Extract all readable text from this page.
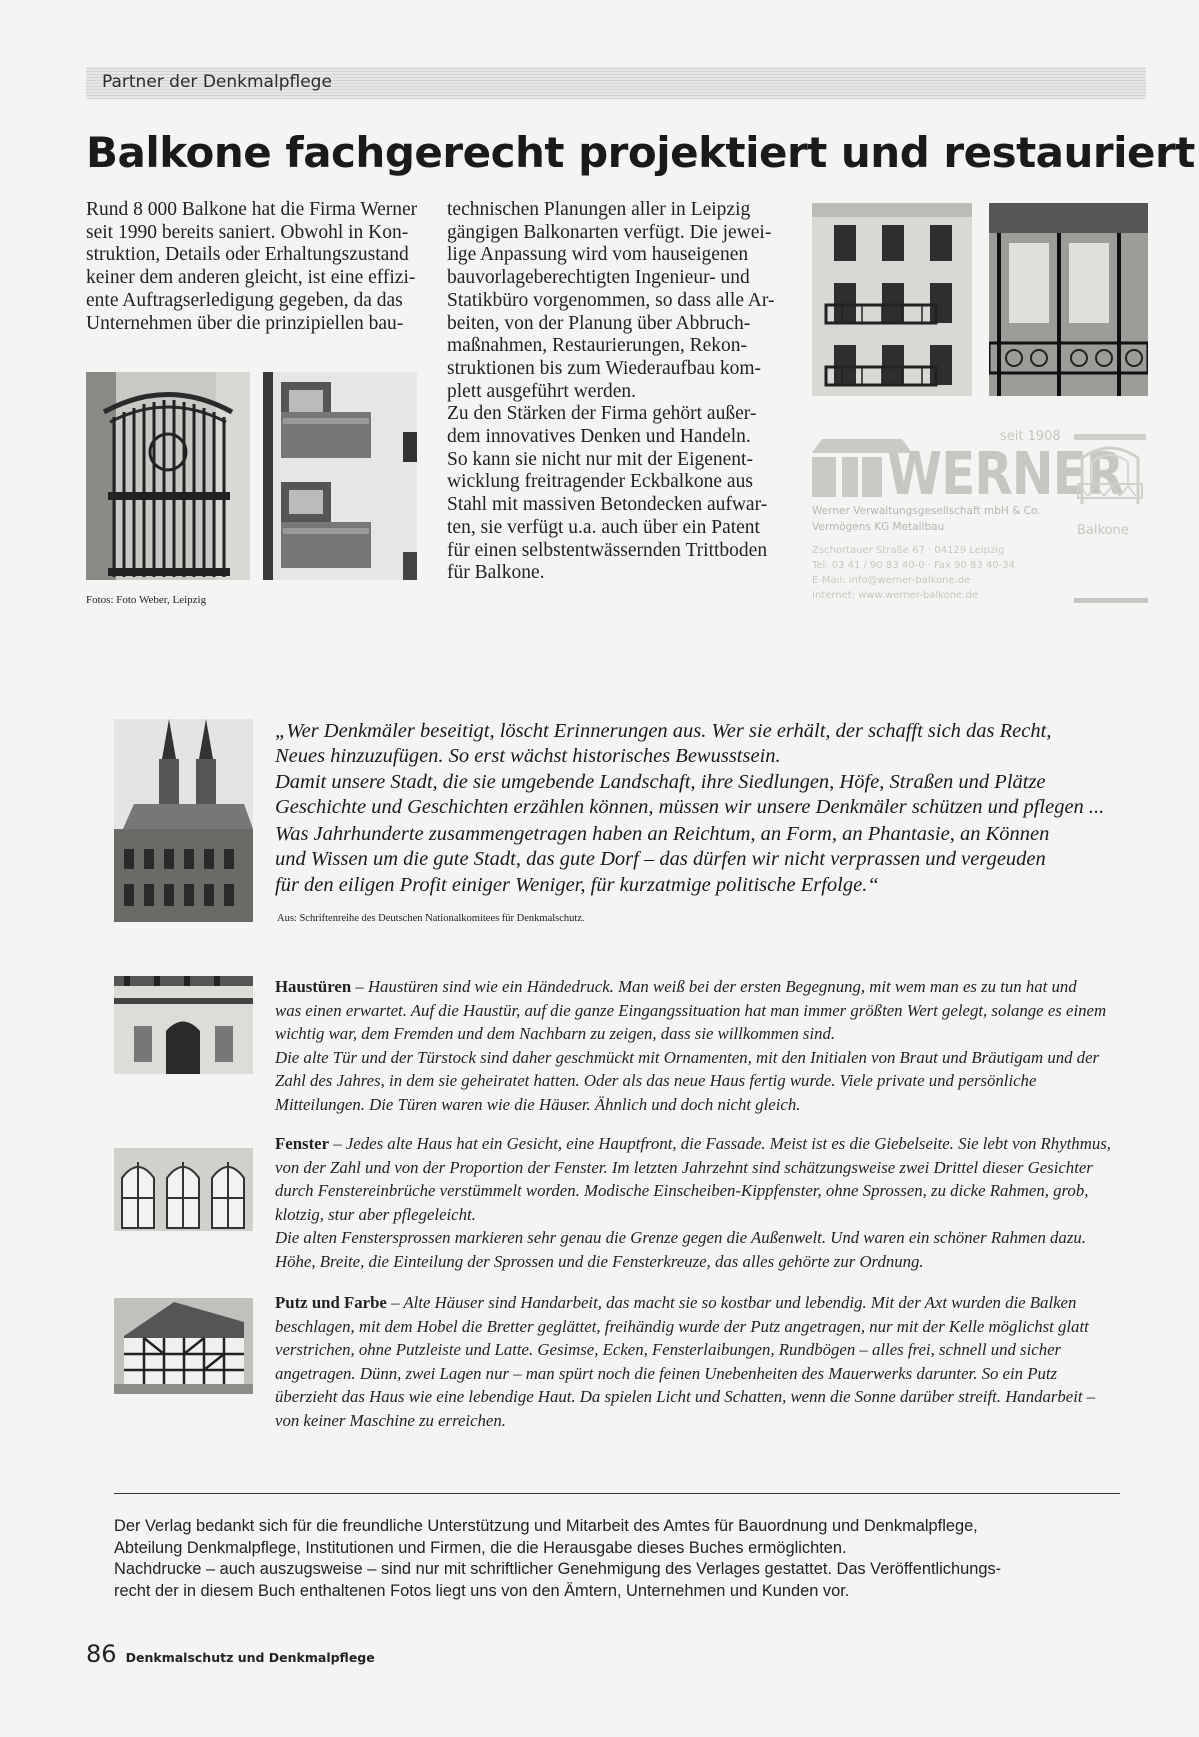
Partner der Denkmalpflege
Balkone fachgerecht projektiert und restauriert
Rund 8 000 Balkone hat die Firma Werner
seit 1990 bereits saniert. Obwohl in Kon-
struktion, Details oder Erhaltungszustand
keiner dem anderen gleicht, ist eine effizi-
ente Auftragserledigung gegeben, da das
Unternehmen über die prinzipiellen bau-
Fotos: Foto Weber, Leipzig
technischen Planungen aller in Leipzig
gängigen Balkonarten verfügt. Die jewei-
lige Anpassung wird vom hauseigenen
bauvorlageberechtigten Ingenieur- und
Statikbüro vorgenommen, so dass alle Ar-
beiten, von der Planung über Abbruch-
maßnahmen, Restaurierungen, Rekon-
struktionen bis zum Wiederaufbau kom-
plett ausgeführt werden.
Zu den Stärken der Firma gehört außer-
dem innovatives Denken und Handeln.
So kann sie nicht nur mit der Eigenent-
wicklung freitragender Eckbalkone aus
Stahl mit massiven Betondecken aufwar-
ten, sie verfügt u.a. auch über ein Patent
für einen selbstentwässernden Trittboden
für Balkone.
seit 1908
WERNER
Werner Verwaltungsgesellschaft mbH & Co.
Vermögens KG Metallbau
Zschortauer Straße 67 · 04129 Leipzig
Tel. 03 41 / 90 83 40-0 · Fax 90 83 40-34
E-Mail: info@werner-balkone.de
Internet: www.werner-balkone.de
Balkone
„Wer Denkmäler beseitigt, löscht Erinnerungen aus. Wer sie erhält, der schafft sich das Recht,
Neues hinzuzufügen. So erst wächst historisches Bewusstsein.
Damit unsere Stadt, die sie umgebende Landschaft, ihre Siedlungen, Höfe, Straßen und Plätze
Geschichte und Geschichten erzählen können, müssen wir unsere Denkmäler schützen und pflegen ...
Was Jahrhunderte zusammengetragen haben an Reichtum, an Form, an Phantasie, an Können
und Wissen um die gute Stadt, das gute Dorf – das dürfen wir nicht verprassen und vergeuden
für den eiligen Profit einiger Weniger, für kurzatmige politische Erfolge.“
Aus: Schriftenreihe des Deutschen Nationalkomitees für Denkmalschutz.
Haustüren – Haustüren sind wie ein Händedruck. Man weiß bei der ersten Begegnung, mit wem man es zu tun hat und
was einen erwartet. Auf die Haustür, auf die ganze Eingangssituation hat man immer größten Wert gelegt, solange es einem
wichtig war, dem Fremden und dem Nachbarn zu zeigen, dass sie willkommen sind.
Die alte Tür und der Türstock sind daher geschmückt mit Ornamenten, mit den Initialen von Braut und Bräutigam und der
Zahl des Jahres, in dem sie geheiratet hatten. Oder als das neue Haus fertig wurde. Viele private und persönliche
Mitteilungen. Die Türen waren wie die Häuser. Ähnlich und doch nicht gleich.
Fenster – Jedes alte Haus hat ein Gesicht, eine Hauptfront, die Fassade. Meist ist es die Giebelseite. Sie lebt von Rhythmus,
von der Zahl und von der Proportion der Fenster. Im letzten Jahrzehnt sind schätzungsweise zwei Drittel dieser Gesichter
durch Fenstereinbrüche verstümmelt worden. Modische Einscheiben-Kippfenster, ohne Sprossen, zu dicke Rahmen, grob,
klotzig, stur aber pflegeleicht.
Die alten Fenstersprossen markieren sehr genau die Grenze gegen die Außenwelt. Und waren ein schöner Rahmen dazu.
Höhe, Breite, die Einteilung der Sprossen und die Fensterkreuze, das alles gehörte zur Ordnung.
Putz und Farbe – Alte Häuser sind Handarbeit, das macht sie so kostbar und lebendig. Mit der Axt wurden die Balken
beschlagen, mit dem Hobel die Bretter geglättet, freihändig wurde der Putz angetragen, nur mit der Kelle möglichst glatt
verstrichen, ohne Putzleiste und Latte. Gesimse, Ecken, Fensterlaibungen, Rundbögen – alles frei, schnell und sicher
angetragen. Dünn, zwei Lagen nur – man spürt noch die feinen Unebenheiten des Mauerwerks darunter. So ein Putz
überzieht das Haus wie eine lebendige Haut. Da spielen Licht und Schatten, wenn die Sonne darüber streift. Handarbeit –
von keiner Maschine zu erreichen.
Der Verlag bedankt sich für die freundliche Unterstützung und Mitarbeit des Amtes für Bauordnung und Denkmalpflege,
Abteilung Denkmalpflege, Institutionen und Firmen, die die Herausgabe dieses Buches ermöglichten.
Nachdrucke – auch auszugsweise – sind nur mit schriftlicher Genehmigung des Verlages gestattet. Das Veröffentlichungs-
recht der in diesem Buch enthaltenen Fotos liegt uns von den Ämtern, Unternehmen und Kunden vor.
86 Denkmalschutz und Denkmalpflege
